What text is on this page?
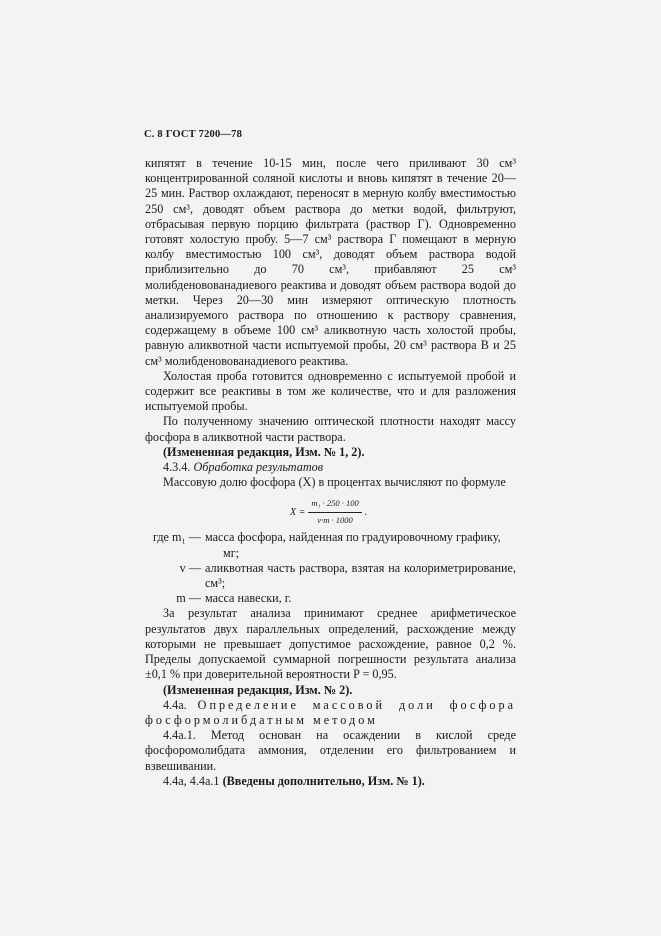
С. 8 ГОСТ 7200—78

кипятят в течение 10-15 мин, после чего приливают 30 см³ концентрированной соляной кислоты и вновь кипятят в течение 20—25 мин. Раствор охлаждают, переносят в мерную колбу вместимостью 250 см³, доводят объем раствора до метки водой, фильтруют, отбрасывая первую порцию фильтрата (раствор Г). Одновременно готовят холостую пробу. 5—7 см³ раствора Г помещают в мерную колбу вместимостью 100 см³, доводят объем раствора водой приблизительно до 70 см³, прибавляют 25 см³ молибденовованадиевого реактива и доводят объем раствора водой до метки. Через 20—30 мин измеряют оптическую плотность анализируемого раствора по отношению к раствору сравнения, содержащему в объеме 100 см³ аликвотную часть холостой пробы, равную аликвотной части испытуемой пробы, 20 см³ раствора В и 25 см³ молибденовованадиевого реактива.

Холостая проба готовится одновременно с испытуемой пробой и содержит все реактивы в том же количестве, что и для разложения испытуемой пробы.

По полученному значению оптической плотности находят массу фосфора в аликвотной части раствора.

(Измененная редакция, Изм. № 1, 2).

4.3.4. Обработка результатов

Массовую долю фосфора (X) в процентах вычисляют по формуле

$X = \frac{\text{m₁ · 250 · 100}}{v\cdot m \cdot 1000}$ .
где m₁ — масса фосфора, найденная по градуировочному графику,
мг;
v — аликвотная часть раствора, взятая на колориметрирование, см³;
m — масса навески, г.

За результат анализа принимают среднее арифметическое результатов двух параллельных определений, расхождение между которыми не превышает допустимое расхождение, равное 0,2 %. Пределы допускаемой суммарной погрешности результата анализа ±0,1 % при доверительной вероятности P = 0,95.

(Измененная редакция, Изм. № 2).

4.4а. Определение массовой доли фосфора фосформолибдатным методом

4.4а.1. Метод основан на осаждении в кислой среде фосфоромолибдата аммония, отделении его фильтрованием и взвешивании.

4.4а, 4.4а.1 (Введены дополнительно, Изм. № 1).
